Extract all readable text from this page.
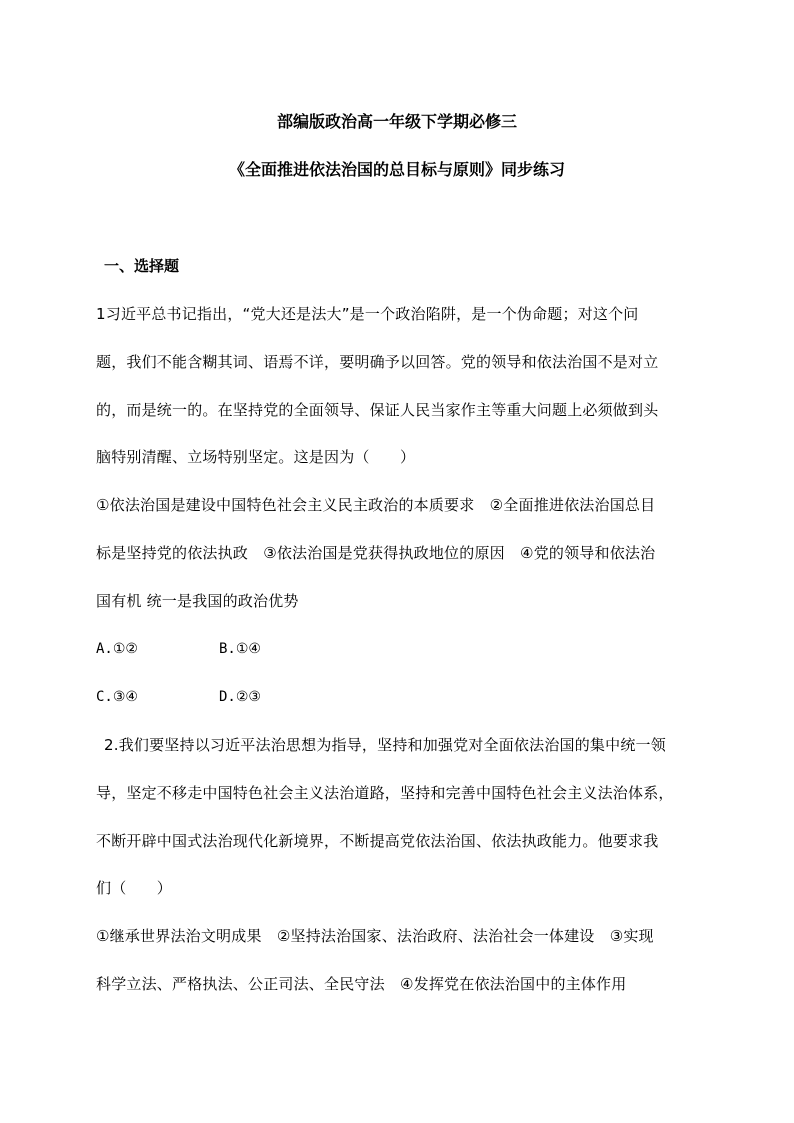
部编版政治高一年级下学期必修三
《全面推进依法治国的总目标与原则》同步练习
一、选择题
1习近平总书记指出，“党大还是法大”是一个政治陷阱，是一个伪命题；对这个问
题，我们不能含糊其词、语焉不详，要明确予以回答。党的领导和依法治国不是对立
的，而是统一的。在坚持党的全面领导、保证人民当家作主等重大问题上必须做到头
脑特别清醒、立场特别坚定。这是因为（　　）
①依法治国是建设中国特色社会主义民主政治的本质要求　②全面推进依法治国总目
标是坚持党的依法执政　③依法治国是党获得执政地位的原因　④党的领导和依法治
国有机 统一是我国的政治优势
A.①②	B.①④
C.③④	D.②③
2.我们要坚持以习近平法治思想为指导，坚持和加强党对全面依法治国的集中统一领
导，坚定不移走中国特色社会主义法治道路，坚持和完善中国特色社会主义法治体系，
不断开辟中国式法治现代化新境界，不断提高党依法治国、依法执政能力。他要求我
们（　　）
①继承世界法治文明成果　②坚持法治国家、法治政府、法治社会一体建设　③实现
科学立法、严格执法、公正司法、全民守法　④发挥党在依法治国中的主体作用
